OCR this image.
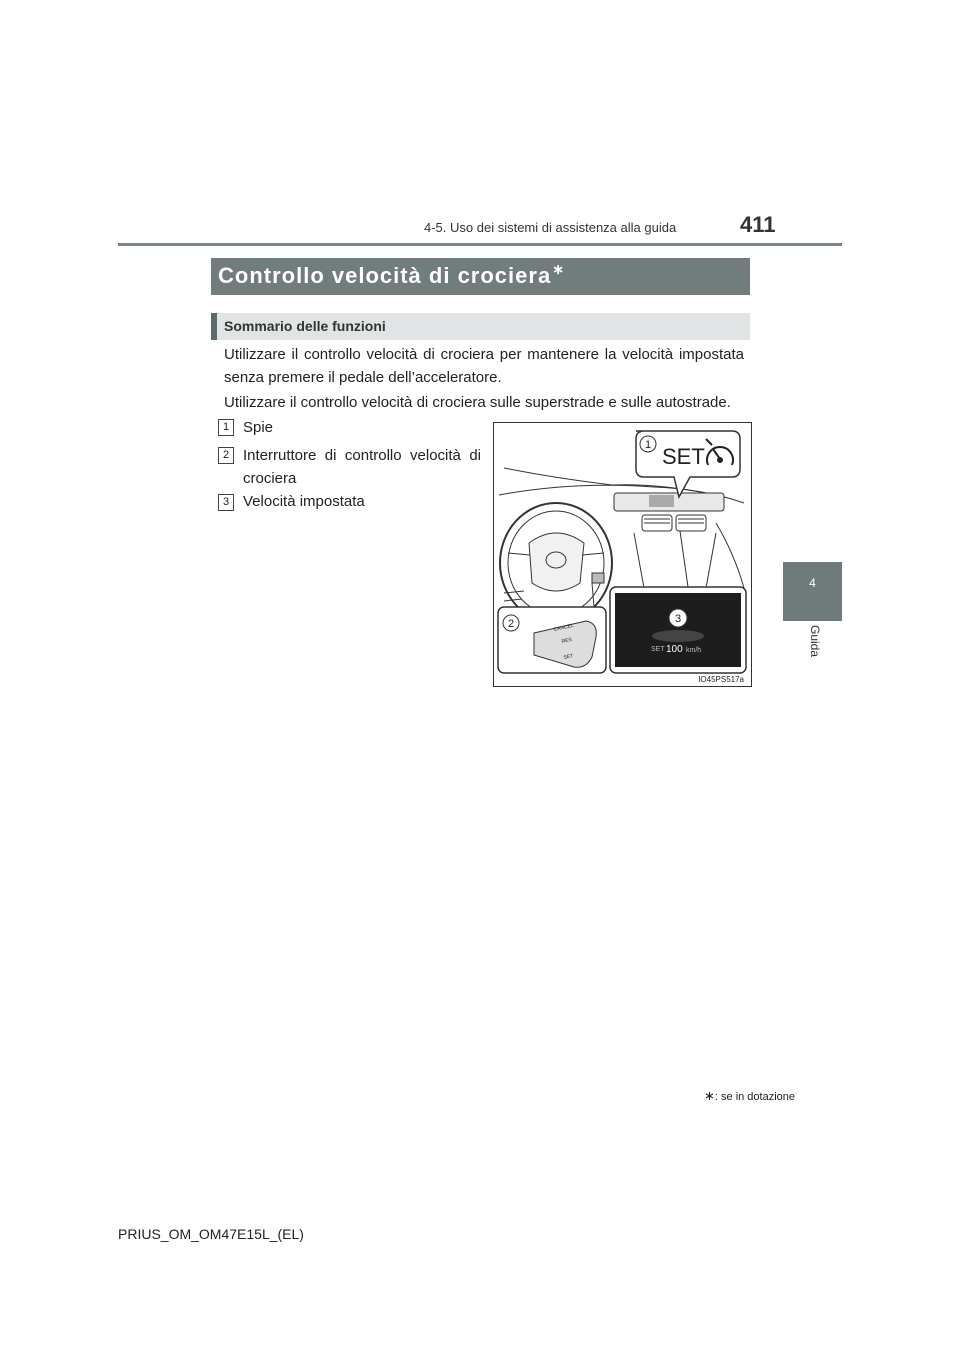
4-5. Uso dei sistemi di assistenza alla guida	411
4
Guida
Controllo velocità di crociera∗
Sommario delle funzioni
Utilizzare il controllo velocità di crociera per mantenere la velocità impostata senza premere il pedale dell’acceleratore.
Utilizzare il controllo velocità di crociera sulle superstrade e sulle autostrade.
1 Spie
2 Interruttore di controllo velocità di crociera
3 Velocità impostata
1 SET
2	CANCEL
RES
SET
3
SET 100 km/h
IO45PS517a
∗: se in dotazione
PRIUS_OM_OM47E15L_(EL)
